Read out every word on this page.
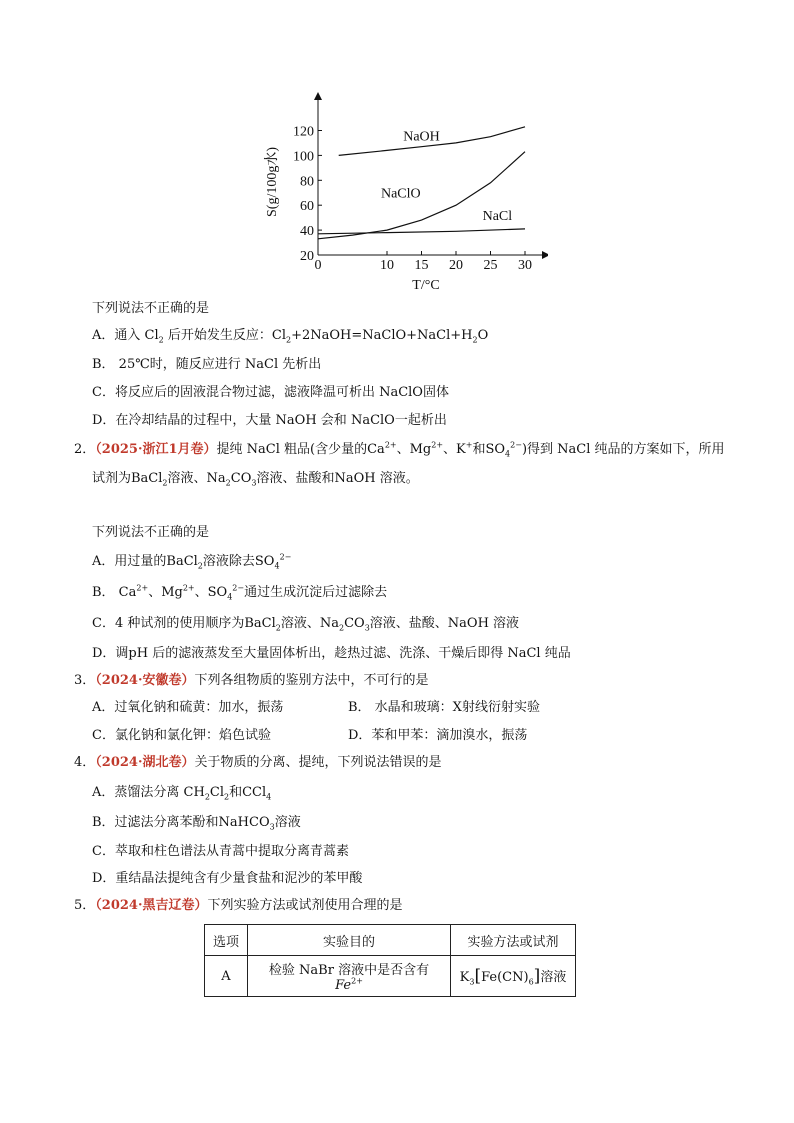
0	10 15 20 25 30
20
40
60
80
100
120	NaOH
NaClO
NaCl
T/°C
S(g/100g水)
下列说法不正确的是
A．通入 $Cl_2$ 后开始发生反应：$Cl_2+2NaOH=NaClO+NaCl+H_2O$
B． 25℃时，随反应进行 NaCl 先析出
C．将反应后的固液混合物过滤，滤液降温可析出 NaClO固体
D．在冷却结晶的过程中，大量 NaOH 会和 NaClO一起析出
2．（2025·浙江1月卷）提纯 NaCl 粗品(含少量的$Ca^{2+}$、$Mg^{2+}$、K+和$SO_4^{2-}$)得到 NaCl 纯品的方案如下，所用
试剂为BaCl$_2$溶液、$Na_2CO_3$溶液、盐酸和NaOH 溶液。
下列说法不正确的是
A．用过量的BaCl$_2$溶液除去$SO_4^{2-}$
B． $Ca^{2+}$、$Mg^{2+}$、$SO_4^{2-}$通过生成沉淀后过滤除去
C．4 种试剂的使用顺序为BaCl$_2$溶液、$Na_2CO_3$溶液、盐酸、NaOH 溶液
D．调pH 后的滤液蒸发至大量固体析出，趁热过滤、洗涤、干燥后即得 NaCl 纯品
3．（2024·安徽卷）下列各组物质的鉴别方法中，不可行的是
A．过氧化钠和硫黄：加水，振荡	B． 水晶和玻璃：X射线衍射实验
C．氯化钠和氯化钾：焰色试验	D．苯和甲苯：滴加溴水，振荡
4．（2024·湖北卷）关于物质的分离、提纯，下列说法错误的是
A．蒸馏法分离 $CH_2Cl_2$和CCl$_4$
B．过滤法分离苯酚和NaHCO$_3$溶液
C．萃取和柱色谱法从青蒿中提取分离青蒿素
D．重结晶法提纯含有少量食盐和泥沙的苯甲酸
5．（2024·黑吉辽卷）下列实验方法或试剂使用合理的是
选项	实验目的	实验方法或试剂
A	检验 NaBr 溶液中是否含有 $Fe^{2+}$	$K_3[Fe(CN)_6]$溶液
